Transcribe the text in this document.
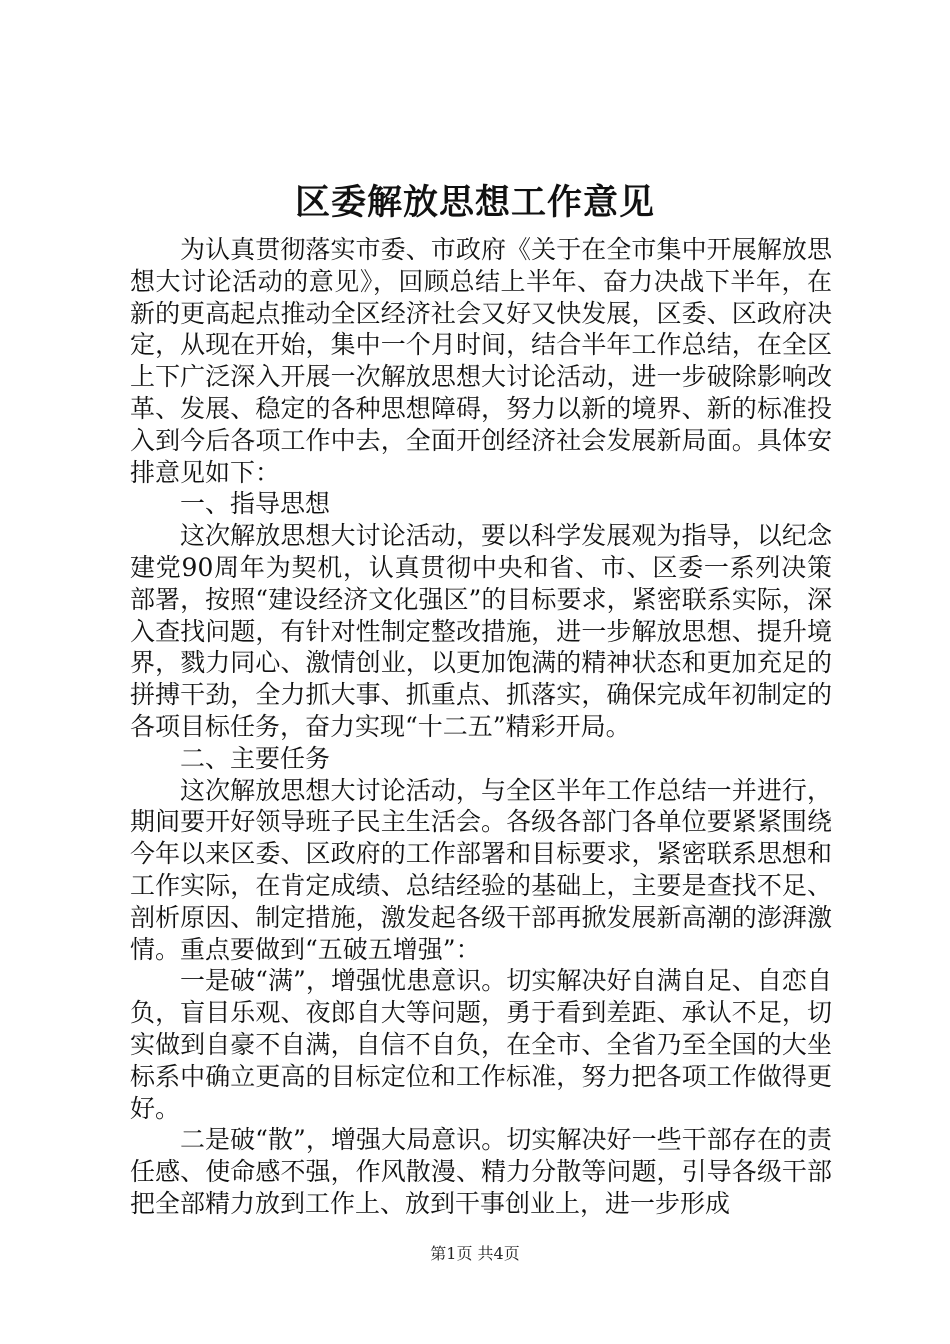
区委解放思想工作意见

为认真贯彻落实市委、市政府《关于在全市集中开展解放思想大讨论活动的意见》，回顾总结上半年、奋力决战下半年，在新的更高起点推动全区经济社会又好又快发展，区委、区政府决定，从现在开始，集中一个月时间，结合半年工作总结，在全区上下广泛深入开展一次解放思想大讨论活动，进一步破除影响改革、发展、稳定的各种思想障碍，努力以新的境界、新的标准投入到今后各项工作中去，全面开创经济社会发展新局面。具体安排意见如下：

一、指导思想

这次解放思想大讨论活动，要以科学发展观为指导，以纪念建党90周年为契机，认真贯彻中央和省、市、区委一系列决策部署，按照“建设经济文化强区”的目标要求，紧密联系实际，深入查找问题，有针对性制定整改措施，进一步解放思想、提升境界，戮力同心、激情创业，以更加饱满的精神状态和更加充足的拼搏干劲，全力抓大事、抓重点、抓落实，确保完成年初制定的各项目标任务，奋力实现“十二五”精彩开局。

二、主要任务

这次解放思想大讨论活动，与全区半年工作总结一并进行，期间要开好领导班子民主生活会。各级各部门各单位要紧紧围绕今年以来区委、区政府的工作部署和目标要求，紧密联系思想和工作实际，在肯定成绩、总结经验的基础上，主要是查找不足、剖析原因、制定措施，激发起各级干部再掀发展新高潮的澎湃激情。重点要做到“五破五增强”：

一是破“满”，增强忧患意识。切实解决好自满自足、自恋自负，盲目乐观、夜郎自大等问题，勇于看到差距、承认不足，切实做到自豪不自满，自信不自负，在全市、全省乃至全国的大坐标系中确立更高的目标定位和工作标准，努力把各项工作做得更好。

二是破“散”，增强大局意识。切实解决好一些干部存在的责任感、使命感不强，作风散漫、精力分散等问题，引导各级干部把全部精力放到工作上、放到干事创业上，进一步形成

第1页 共4页
